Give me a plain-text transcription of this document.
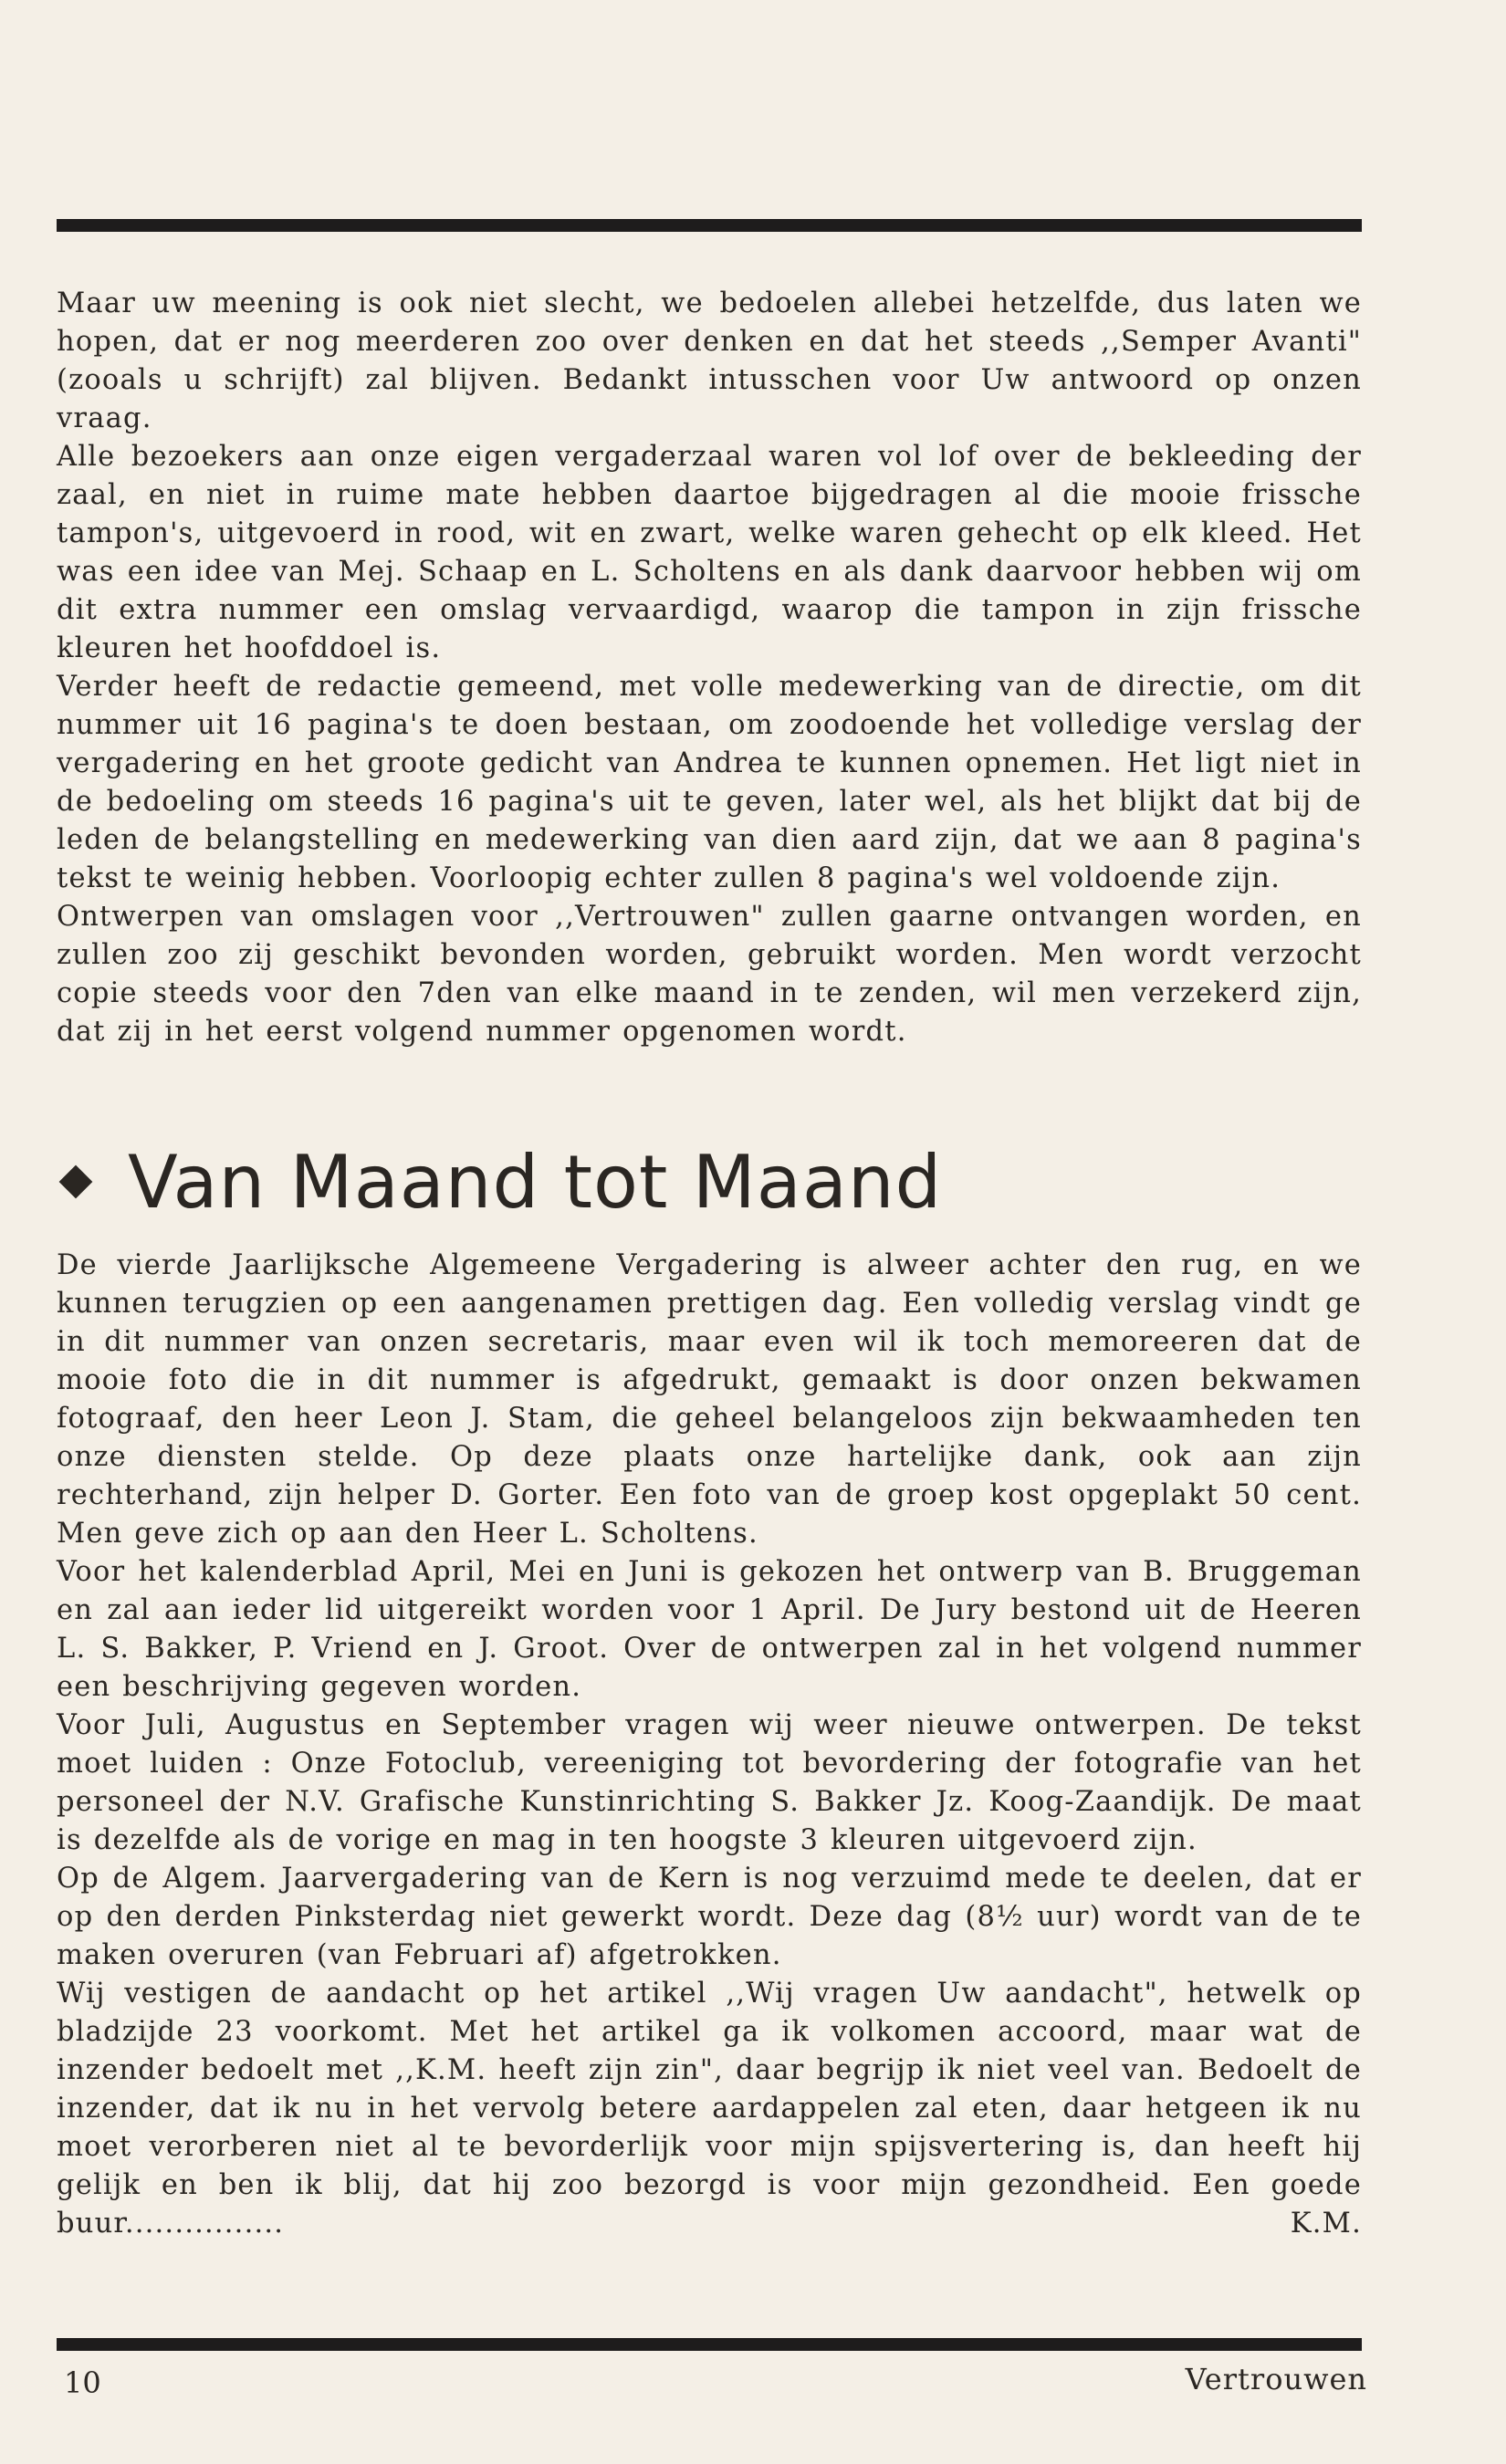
Maar uw meening is ook niet slecht, we bedoelen allebei hetzelfde, dus laten we hopen, dat er nog meerderen zoo over denken en dat het steeds ,,Semper Avanti" (zooals u schrijft) zal blijven. Bedankt intusschen voor Uw antwoord op onzen vraag.

Alle bezoekers aan onze eigen vergaderzaal waren vol lof over de bekleeding der zaal, en niet in ruime mate hebben daartoe bijgedragen al die mooie frissche tampon's, uitgevoerd in rood, wit en zwart, welke waren gehecht op elk kleed. Het was een idee van Mej. Schaap en L. Scholtens en als dank daarvoor hebben wij om dit extra nummer een omslag vervaardigd, waarop die tampon in zijn frissche kleuren het hoofddoel is.

Verder heeft de redactie gemeend, met volle medewerking van de directie, om dit nummer uit 16 pagina's te doen bestaan, om zoodoende het volledige verslag der vergadering en het groote gedicht van Andrea te kunnen opnemen. Het ligt niet in de bedoeling om steeds 16 pagina's uit te geven, later wel, als het blijkt dat bij de leden de belangstelling en medewerking van dien aard zijn, dat we aan 8 pagina's tekst te weinig hebben. Voorloopig echter zullen 8 pagina's wel voldoende zijn.

Ontwerpen van omslagen voor ,,Vertrouwen" zullen gaarne ontvangen worden, en zullen zoo zij geschikt bevonden worden, gebruikt worden. Men wordt verzocht copie steeds voor den 7den van elke maand in te zenden, wil men verzekerd zijn, dat zij in het eerst volgend nummer opgenomen wordt.

Van Maand tot Maand

De vierde Jaarlijksche Algemeene Vergadering is alweer achter den rug, en we kunnen terugzien op een aangenamen prettigen dag. Een volledig verslag vindt ge in dit nummer van onzen secretaris, maar even wil ik toch memoreeren dat de mooie foto die in dit nummer is afgedrukt, gemaakt is door onzen bekwamen fotograaf, den heer Leon J. Stam, die geheel belangeloos zijn bekwaamheden ten onze diensten stelde. Op deze plaats onze hartelijke dank, ook aan zijn rechterhand, zijn helper D. Gorter. Een foto van de groep kost opgeplakt 50 cent. Men geve zich op aan den Heer L. Scholtens.

Voor het kalenderblad April, Mei en Juni is gekozen het ontwerp van B. Bruggeman en zal aan ieder lid uitgereikt worden voor 1 April. De Jury bestond uit de Heeren L. S. Bakker, P. Vriend en J. Groot. Over de ontwerpen zal in het volgend nummer een beschrijving gegeven worden.

Voor Juli, Augustus en September vragen wij weer nieuwe ontwerpen. De tekst moet luiden : Onze Fotoclub, vereeniging tot bevordering der fotografie van het personeel der N.V. Grafische Kunstinrichting S. Bakker Jz. Koog-Zaandijk. De maat is dezelfde als de vorige en mag in ten hoogste 3 kleuren uitgevoerd zijn.

Op de Algem. Jaarvergadering van de Kern is nog verzuimd mede te deelen, dat er op den derden Pinksterdag niet gewerkt wordt. Deze dag (8½ uur) wordt van de te maken overuren (van Februari af) afgetrokken.

Wij vestigen de aandacht op het artikel ,,Wij vragen Uw aandacht", hetwelk op bladzijde 23 voorkomt. Met het artikel ga ik volkomen accoord, maar wat de inzender bedoelt met ,,K.M. heeft zijn zin", daar begrijp ik niet veel van. Bedoelt de inzender, dat ik nu in het vervolg betere aardappelen zal eten, daar hetgeen ik nu moet verorberen niet al te bevorderlijk voor mijn spijsvertering is, dan heeft hij gelijk en ben ik blij, dat hij zoo bezorgd is voor mijn gezondheid. Een goede buur................	K.M.

10	Vertrouwen
